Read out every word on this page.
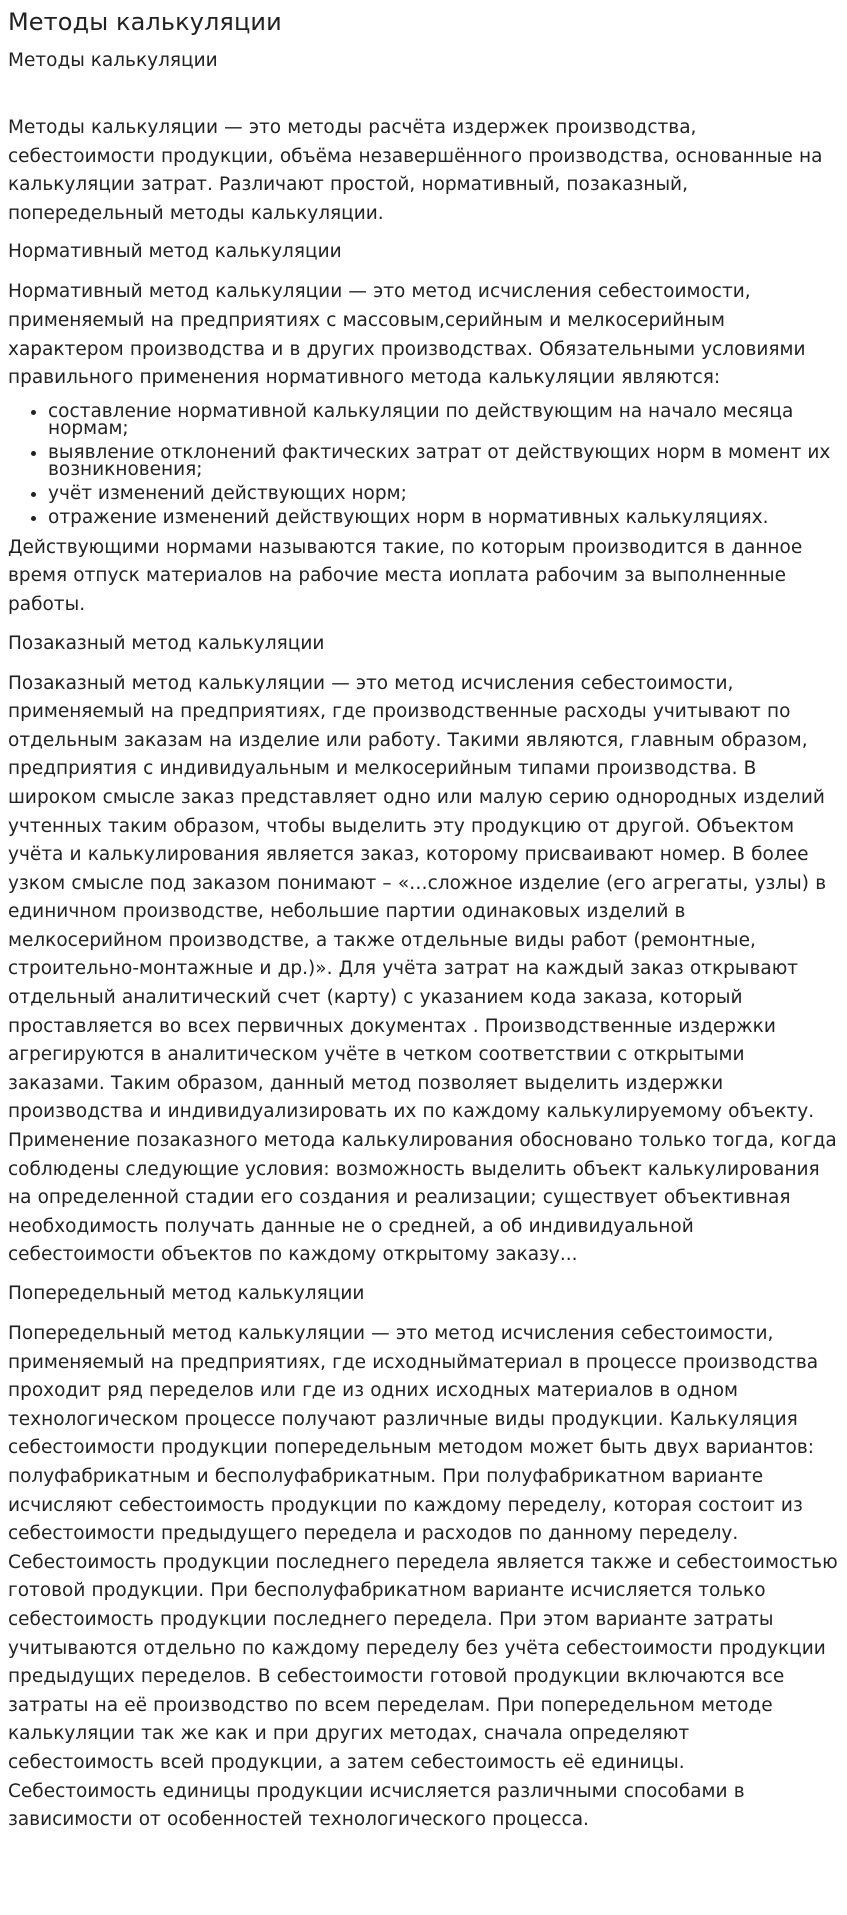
Методы калькуляции
Методы калькуляции

Методы калькуляции — это методы расчёта издержек производства, себестоимости продукции, объёма незавершённого производства, основанные на калькуляции затрат. Различают простой, нормативный, позаказный, попередельный методы калькуляции.

Нормативный метод калькуляции

Нормативный метод калькуляции — это метод исчисления себестоимости, применяемый на предприятиях с массовым,серийным и мелкосерийным характером производства и в других производствах. Обязательными условиями правильного применения нормативного метода калькуляции являются:

• составление нормативной калькуляции по действующим на начало месяца нормам;
• выявление отклонений фактических затрат от действующих норм в момент их возникновения;
• учёт изменений действующих норм;
• отражение изменений действующих норм в нормативных калькуляциях.

Действующими нормами называются такие, по которым производится в данное время отпуск материалов на рабочие места иоплата рабочим за выполненные работы.

Позаказный метод калькуляции

Позаказный метод калькуляции — это метод исчисления себестоимости, применяемый на предприятиях, где производственные расходы учитывают по отдельным заказам на изделие или работу. Такими являются, главным образом, предприятия с индивидуальным и мелкосерийным типами производства. В широком смысле заказ представляет одно или малую серию однородных изделий учтенных таким образом, чтобы выделить эту продукцию от другой. Объектом учёта и калькулирования является заказ, которому присваивают номер. В более узком смысле под заказом понимают – «…сложное изделие (его агрегаты, узлы) в единичном производстве, небольшие партии одинаковых изделий в мелкосерийном производстве, а также отдельные виды работ (ремонтные, строительно-монтажные и др.)». Для учёта затрат на каждый заказ открывают отдельный аналитический счет (карту) с указанием кода заказа, который проставляется во всех первичных документах . Производственные издержки агрегируются в аналитическом учёте в четком соответствии с открытыми заказами. Таким образом, данный метод позволяет выделить издержки производства и индивидуализировать их по каждому калькулируемому объекту. Применение позаказного метода калькулирования обосновано только тогда, когда соблюдены следующие условия: возможность выделить объект калькулирования на определенной стадии его создания и реализации; существует объективная необходимость получать данные не о средней, а об индивидуальной себестоимости объектов по каждому открытому заказу...

Попередельный метод калькуляции

Попередельный метод калькуляции — это метод исчисления себестоимости, применяемый на предприятиях, где исходныйматериал в процессе производства проходит ряд переделов или где из одних исходных материалов в одном технологическом процессе получают различные виды продукции. Калькуляция себестоимости продукции попередельным методом может быть двух вариантов: полуфабрикатным и бесполуфабрикатным. При полуфабрикатном варианте исчисляют себестоимость продукции по каждому переделу, которая состоит из себестоимости предыдущего передела и расходов по данному переделу. Себестоимость продукции последнего передела является также и себестоимостью готовой продукции. При бесполуфабрикатном варианте исчисляется только себестоимость продукции последнего передела. При этом варианте затраты учитываются отдельно по каждому переделу без учёта себестоимости продукции предыдущих переделов. В себестоимости готовой продукции включаются все затраты на её производство по всем переделам. При попередельном методе калькуляции так же как и при других методах, сначала определяют себестоимость всей продукции, а затем себестоимость её единицы. Себестоимость единицы продукции исчисляется различными способами в зависимости от особенностей технологического процесса.
